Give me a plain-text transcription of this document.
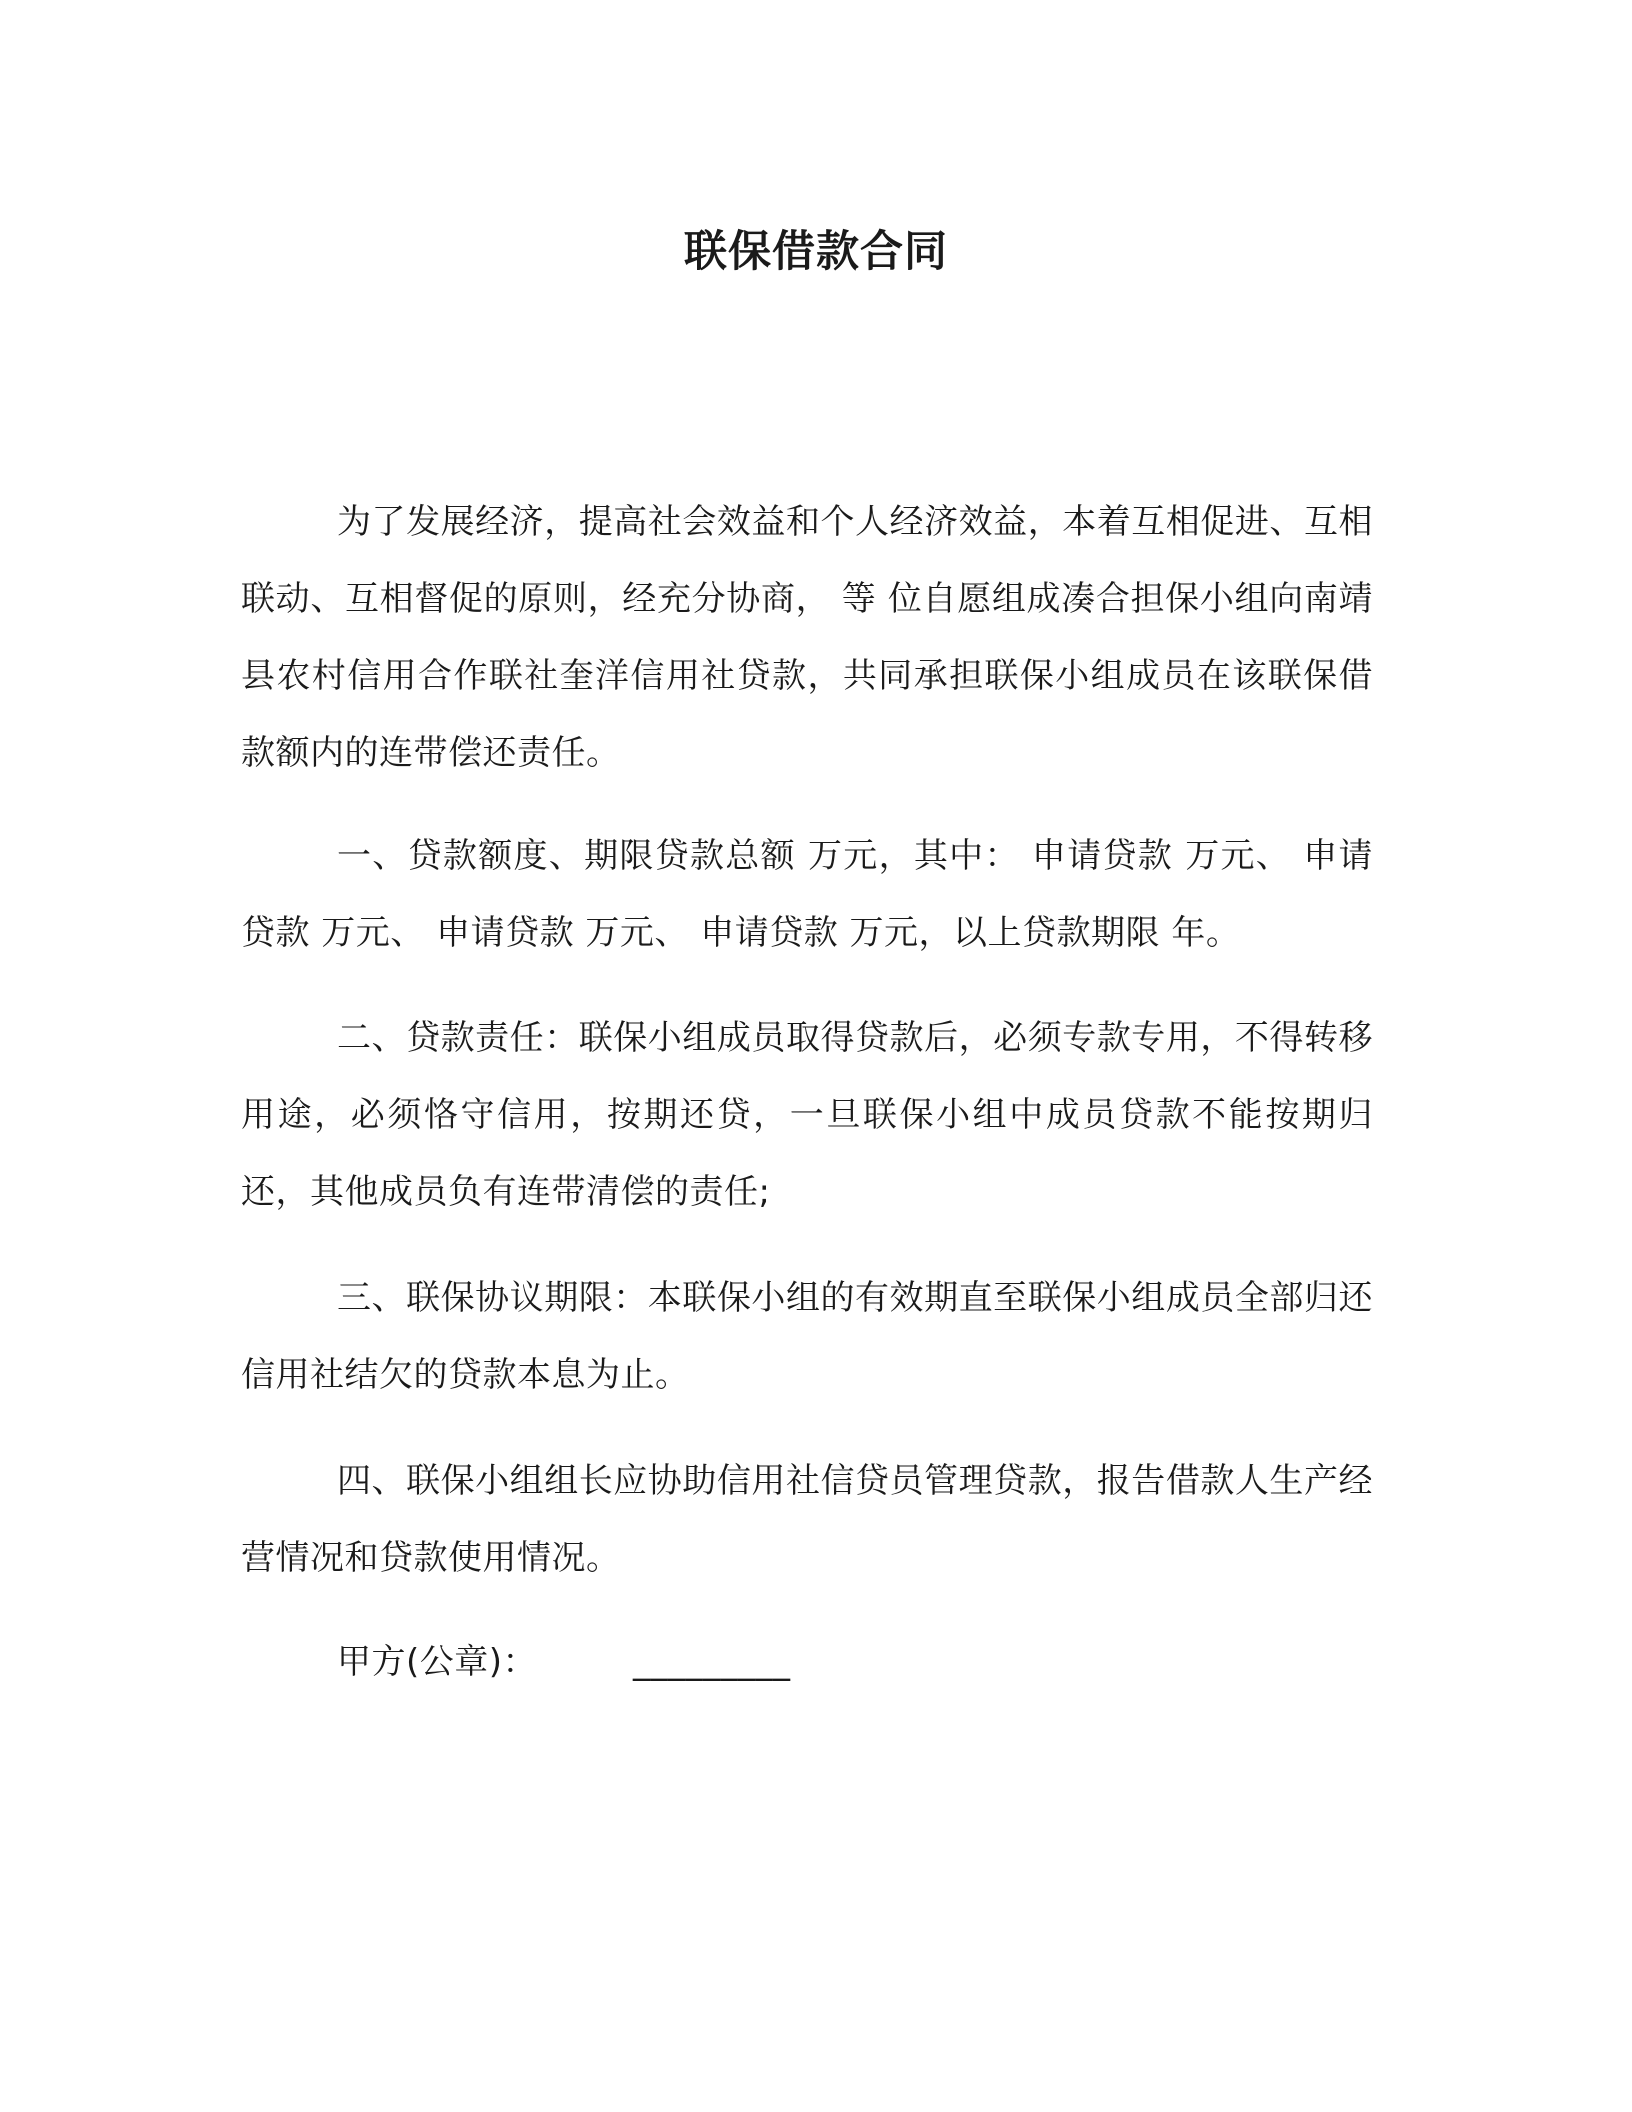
联保借款合同

为了发展经济，提高社会效益和个人经济效益，本着互相促进、互相联动、互相督促的原则，经充分协商， 等 位自愿组成凑合担保小组向南靖县农村信用合作联社奎洋信用社贷款，共同承担联保小组成员在该联保借款额内的连带偿还责任。

一、贷款额度、期限贷款总额 万元，其中： 申请贷款 万元、 申请贷款 万元、 申请贷款 万元、 申请贷款 万元，以上贷款期限 年。

二、贷款责任：联保小组成员取得贷款后，必须专款专用，不得转移用途，必须恪守信用，按期还贷，一旦联保小组中成员贷款不能按期归还，其他成员负有连带清偿的责任;

三、联保协议期限：本联保小组的有效期直至联保小组成员全部归还信用社结欠的贷款本息为止。

四、联保小组组长应协助信用社信贷员管理贷款，报告借款人生产经营情况和贷款使用情况。

甲方(公章)：	_________
